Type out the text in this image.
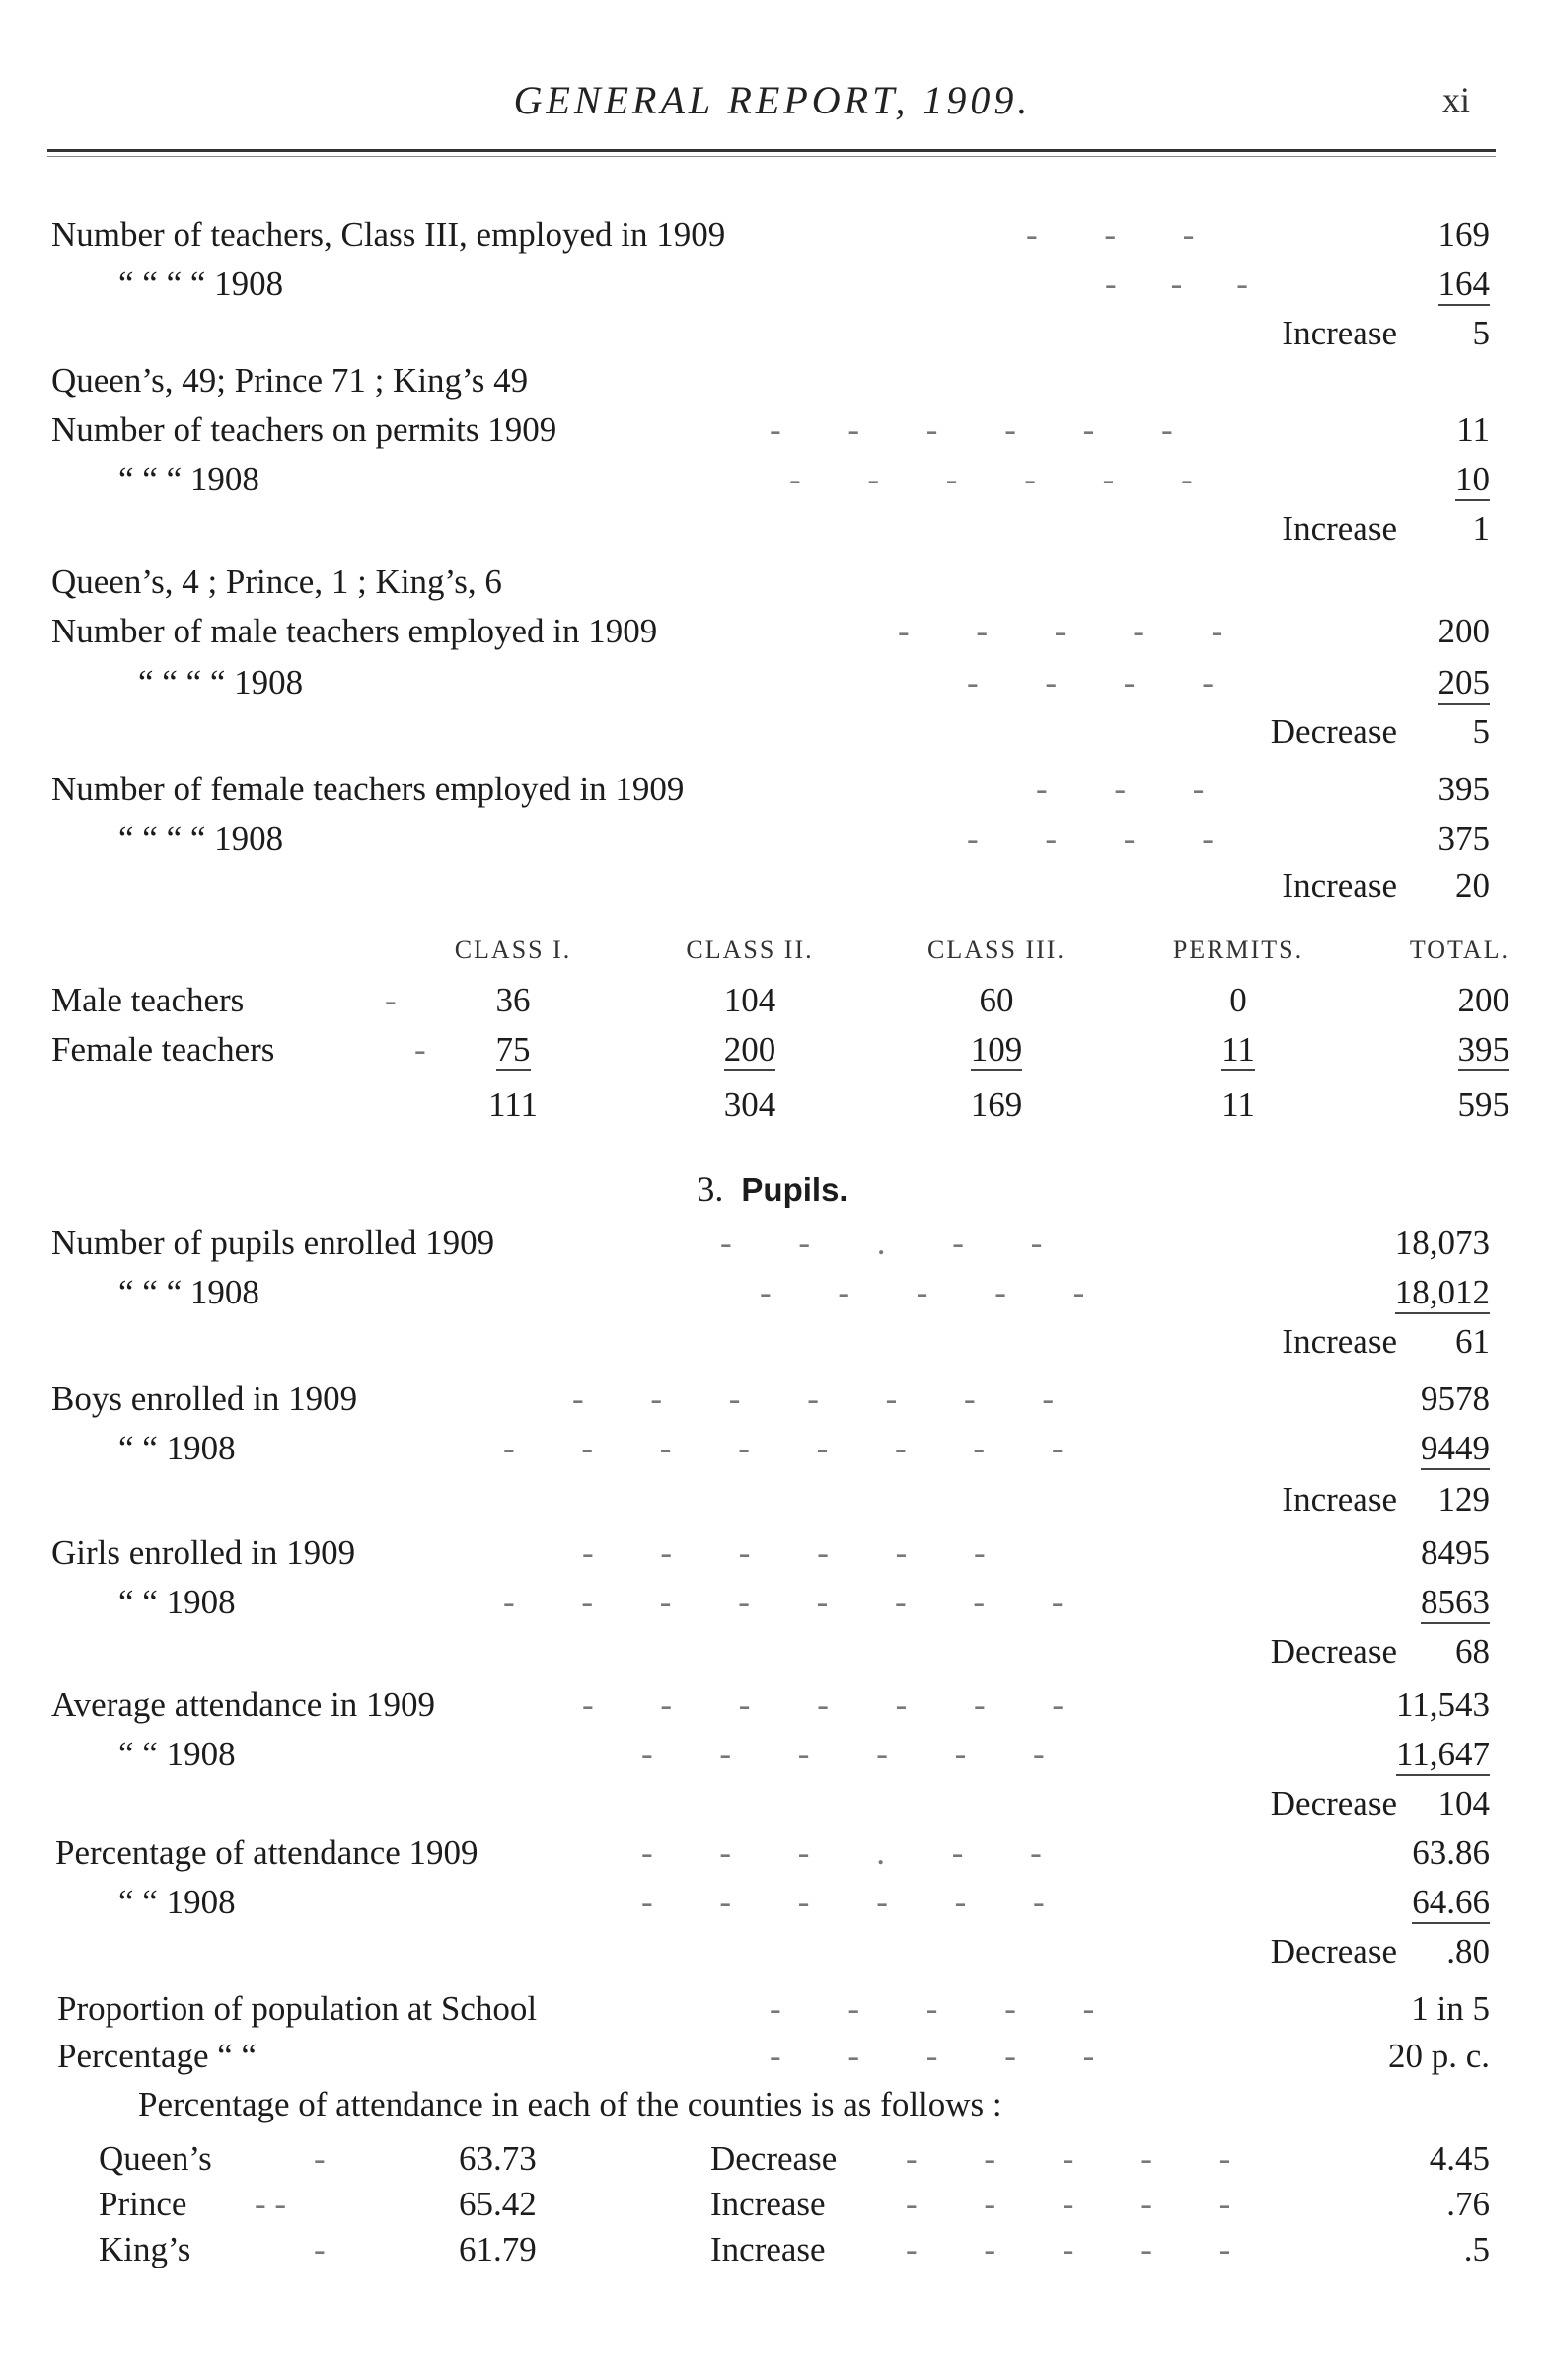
GENERAL REPORT, 1909.	xi
Number of teachers, Class III, employed in 1909	-     -     -	169
“ “ “ “ 1908	-    -    -	164
Increase 5
Queen’s, 49; Prince 71 ; King’s 49
Number of teachers on permits 1909	-     -     -     -     -     -	11
“ “ “ 1908	-     -     -     -     -     -	10
Increase 1
Queen’s, 4 ; Prince, 1 ; King’s, 6
Number of male teachers employed in 1909	-     -     -     -     -	200
“ “ “ “ 1908	-     -     -     -	205
Decrease 5
Number of female teachers employed in 1909	-     -     -	395
“ “ “ “ 1908	-     -     -     -	375
Increase 20
CLASS I.	CLASS II.	CLASS III.	PERMITS.	TOTAL.
Male teachers	-	36	104	60	0	200
Female teachers	-	75	200	109	11	395
111	304	169	11	595
3. Pupils.
Number of pupils enrolled 1909	-     -     .     -     -	18,073
“ “ “ 1908	-     -     -     -     -	18,012
Increase 61
Boys enrolled in 1909	-     -     -     -     -     -     -	9578
“ “ 1908	-     -     -     -     -     -     -     -	9449
Increase 129
Girls enrolled in 1909	-     -     -     -     -     -	8495
“ “ 1908	-     -     -     -     -     -     -     -	8563
Decrease 68
Average attendance in 1909	-     -     -     -     -     -     -	11,543
“ “ 1908	-     -     -     -     -     -	11,647
Decrease 104
Percentage of attendance 1909	-     -     -     .     -     -	63.86
“ “ 1908	-     -     -     -     -     -	64.66
Decrease .80
Proportion of population at School	-     -     -     -     -	1 in 5
Percentage “ “	-     -     -     -     -	20 p. c.
Percentage of attendance in each of the counties is as follows :
Queen’s	-	63.73	Decrease -     -     -     -     -	4.45
Prince - -	65.42	Increase -     -     -     -     -	.76
King’s	-	61.79	Increase -     -     -     -     -	.5
